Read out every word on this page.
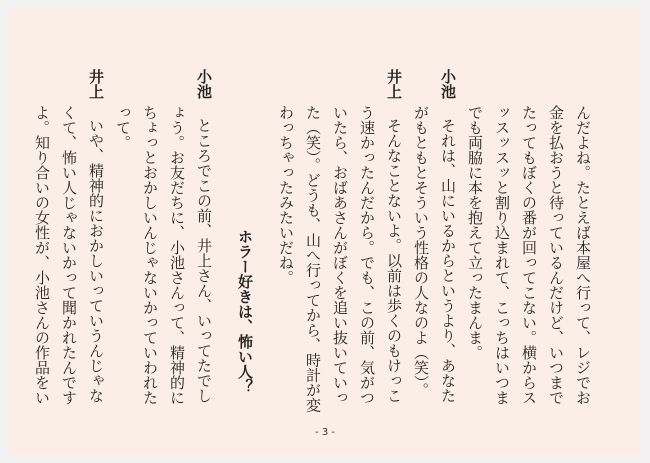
んだよね。たとえば本屋へ行って、レジでお
金を払おうと待っているんだけど、いつまで
たってもぼくの番が回ってこない。横からス
ッスッスッと割り込まれて、こっちはいつま
でも両脇に本を抱えて立ったまんま。
小池　それは、山にいるからというより、あなた
がもともとそういう性格の人なのよ（笑）。
井上　そんなことないよ。以前は歩くのもけっこ
う速かったんだから。でも、この前、気がつ
いたら、おばあさんがぼくを追い抜いていっ
た（笑）。どうも、山へ行ってから、時計が変
わっちゃったみたいだね。
ホラー好きは、怖い人？
小池　ところでこの前、井上さん、いってたでし
ょう。お友だちに、小池さんって、精神的に
ちょっとおかしいんじゃないかっていわれた
って。
井上　いや、精神的におかしいっていうんじゃな
くて、怖い人じゃないかって聞かれたんです
よ。知り合いの女性が、小池さんの作品をい
- 3 -
